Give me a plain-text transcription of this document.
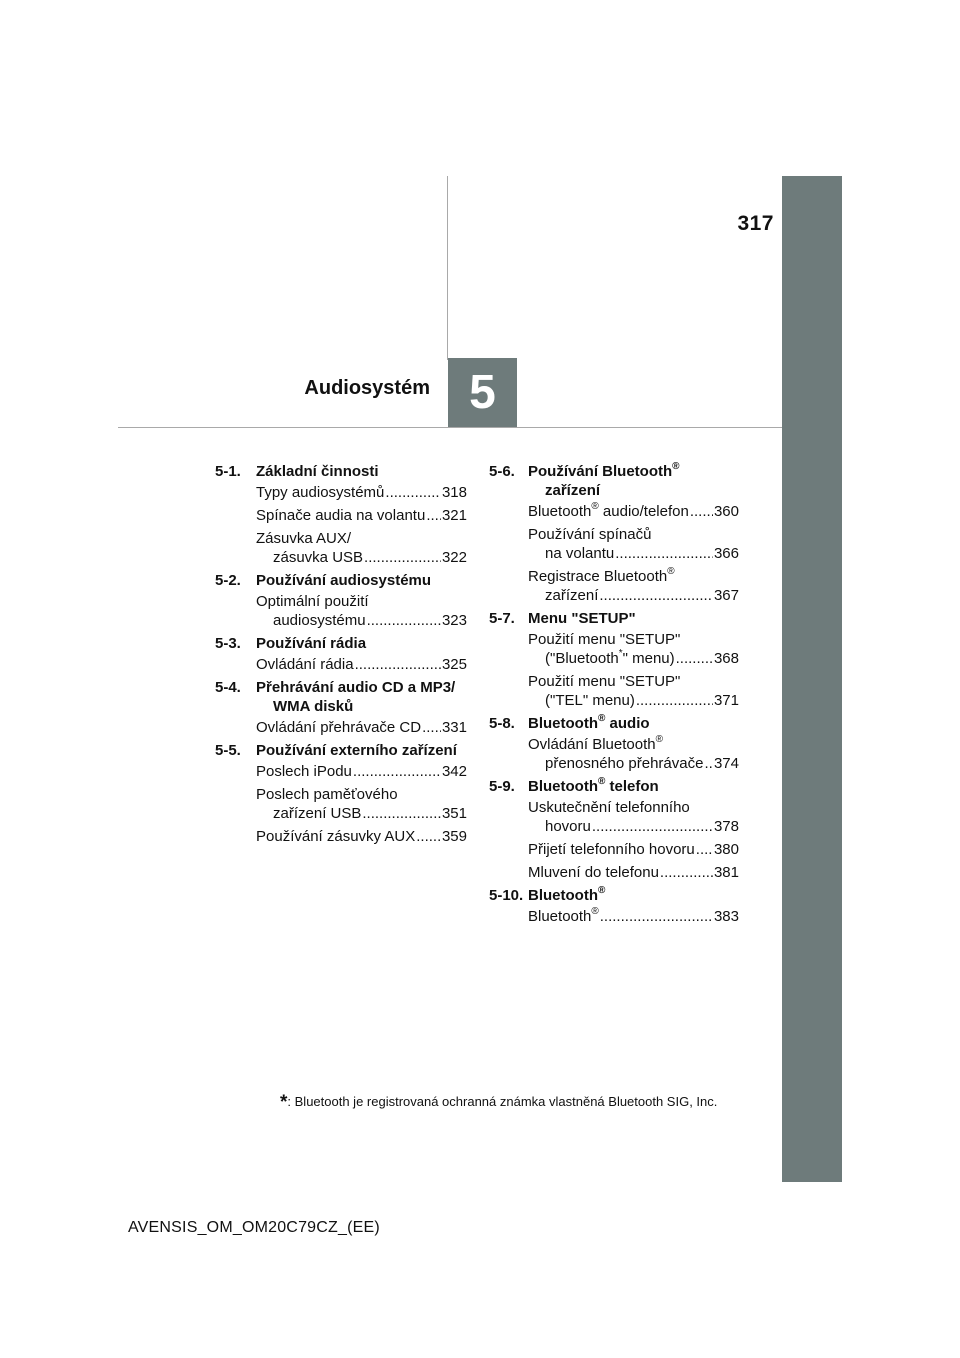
317
5
Audiosystém
5-1. Základní činnosti
Typy audiosystémů .....	318
Spínače audia na volantu ..... 321
Zásuvka AUX/
zásuvka USB .....	322
5-2. Používání audiosystému
Optimální použití
audiosystému .....	323
5-3. Používání rádia
Ovládání rádia .....	325
5-4. Přehrávání audio CD a MP3/
WMA disků
Ovládání přehrávače CD ..... 331
5-5. Používání externího zařízení
Poslech iPodu .....	342
Poslech paměťového
zařízení USB .....	351
Používání zásuvky AUX ..... 359
5-6. Používání Bluetooth®
zařízení
Bluetooth® audio/telefon ..... 360
Používání spínačů
na volantu .....	366
Registrace Bluetooth®
zařízení .....	367
5-7. Menu "SETUP"
Použití menu "SETUP"
("Bluetooth*" menu) .....	368
Použití menu "SETUP"
("TEL" menu) .....	371
5-8. Bluetooth® audio
Ovládání Bluetooth®
přenosného přehrávače ..... 374
5-9. Bluetooth® telefon
Uskutečnění telefonního
hovoru .....	378
Přijetí telefonního hovoru ..... 380
Mluvení do telefonu .....	381
5-10. Bluetooth®
Bluetooth® .....	383
*: Bluetooth je registrovaná ochranná známka vlastněná Bluetooth SIG, Inc.
AVENSIS_OM_OM20C79CZ_(EE)
